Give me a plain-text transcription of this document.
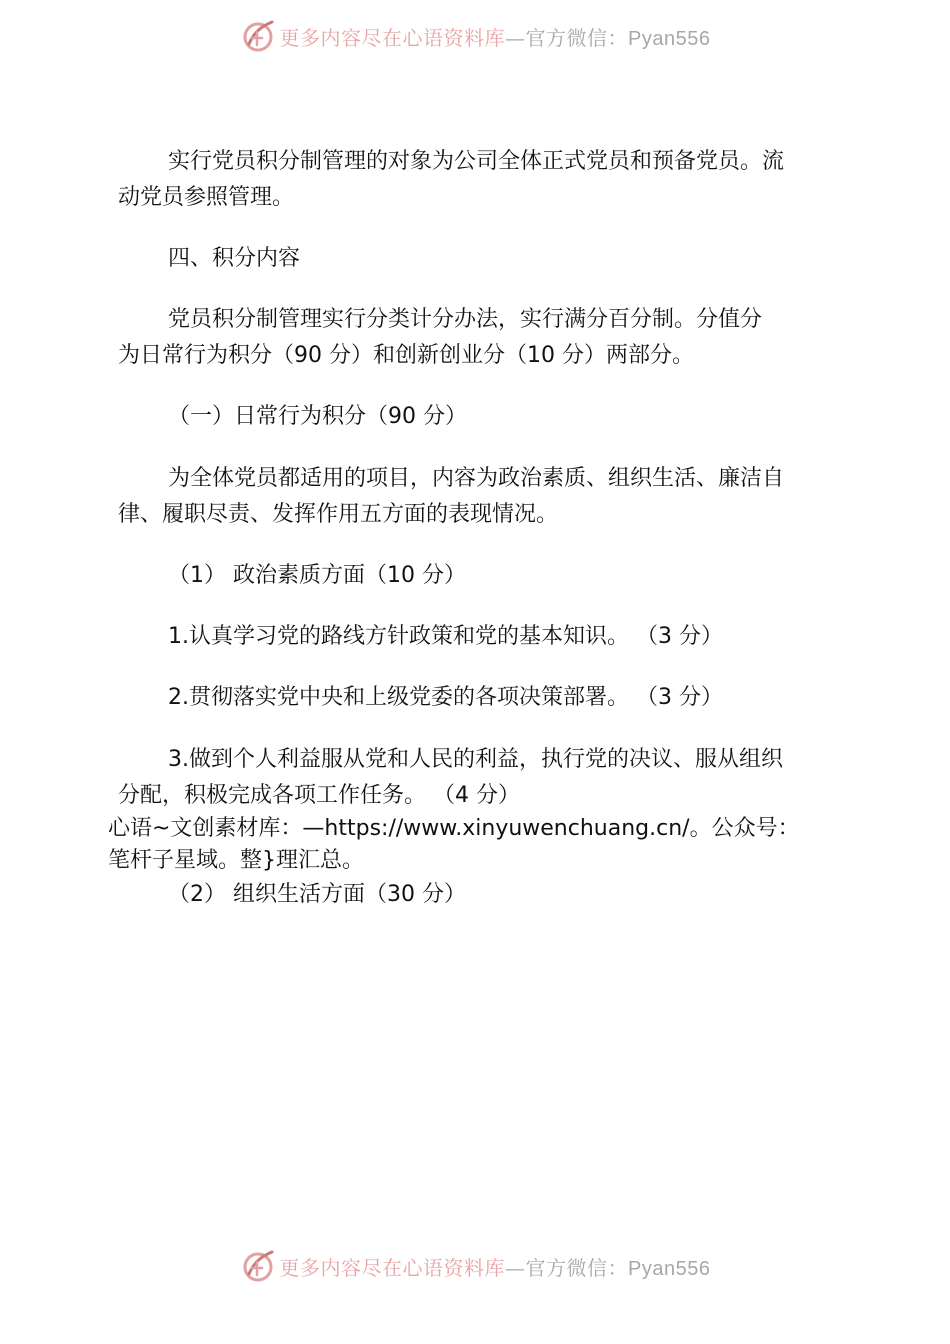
更多内容尽在心语资料库—官方微信：Pyan556

实行党员积分制管理的对象为公司全体正式党员和预备党员。流

动党员参照管理。

四、积分内容

党员积分制管理实行分类计分办法，实行满分百分制。分值分

为日常行为积分（90 分）和创新创业分（10 分）两部分。

（一）日常行为积分（90 分）

为全体党员都适用的项目，内容为政治素质、组织生活、廉洁自

律、履职尽责、发挥作用五方面的表现情况。

（1） 政治素质方面（10 分）

1.认真学习党的路线方针政策和党的基本知识。 （3 分）

2.贯彻落实党中央和上级党委的各项决策部署。 （3 分）

3.做到个人利益服从党和人民的利益，执行党的决议、服从组织

分配，积极完成各项工作任务。 （4 分）

心语~文创素材库：—https://www.xinyuwenchuang.cn/。公众号：

笔杆子星域。整}理汇总。

（2） 组织生活方面（30 分）

更多内容尽在心语资料库—官方微信：Pyan556
